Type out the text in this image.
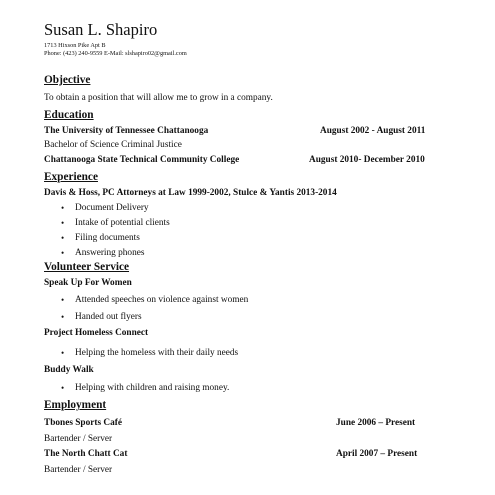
Susan L. Shapiro
1713 Hixson Pike Apt B
Phone: (423) 240-9559 E-Mail: slshapiro02@gmail.com
Objective
To obtain a position that will allow me to grow in a company.
Education
The University of Tennessee Chattanooga	August 2002 - August 2011
Bachelor of Science Criminal Justice
Chattanooga State Technical Community College	August 2010- December 2010
Experience
Davis & Hoss, PC Attorneys at Law 1999-2002, Stulce & Yantis 2013-2014
• Document Delivery
• Intake of potential clients
• Filing documents
• Answering phones
Volunteer Service
Speak Up For Women
• Attended speeches on violence against women
• Handed out flyers
Project Homeless Connect
• Helping the homeless with their daily needs
Buddy Walk
• Helping with children and raising money.
Employment
Tbones Sports Café	June 2006 – Present
Bartender / Server
The North Chatt Cat	April 2007 – Present
Bartender / Server
